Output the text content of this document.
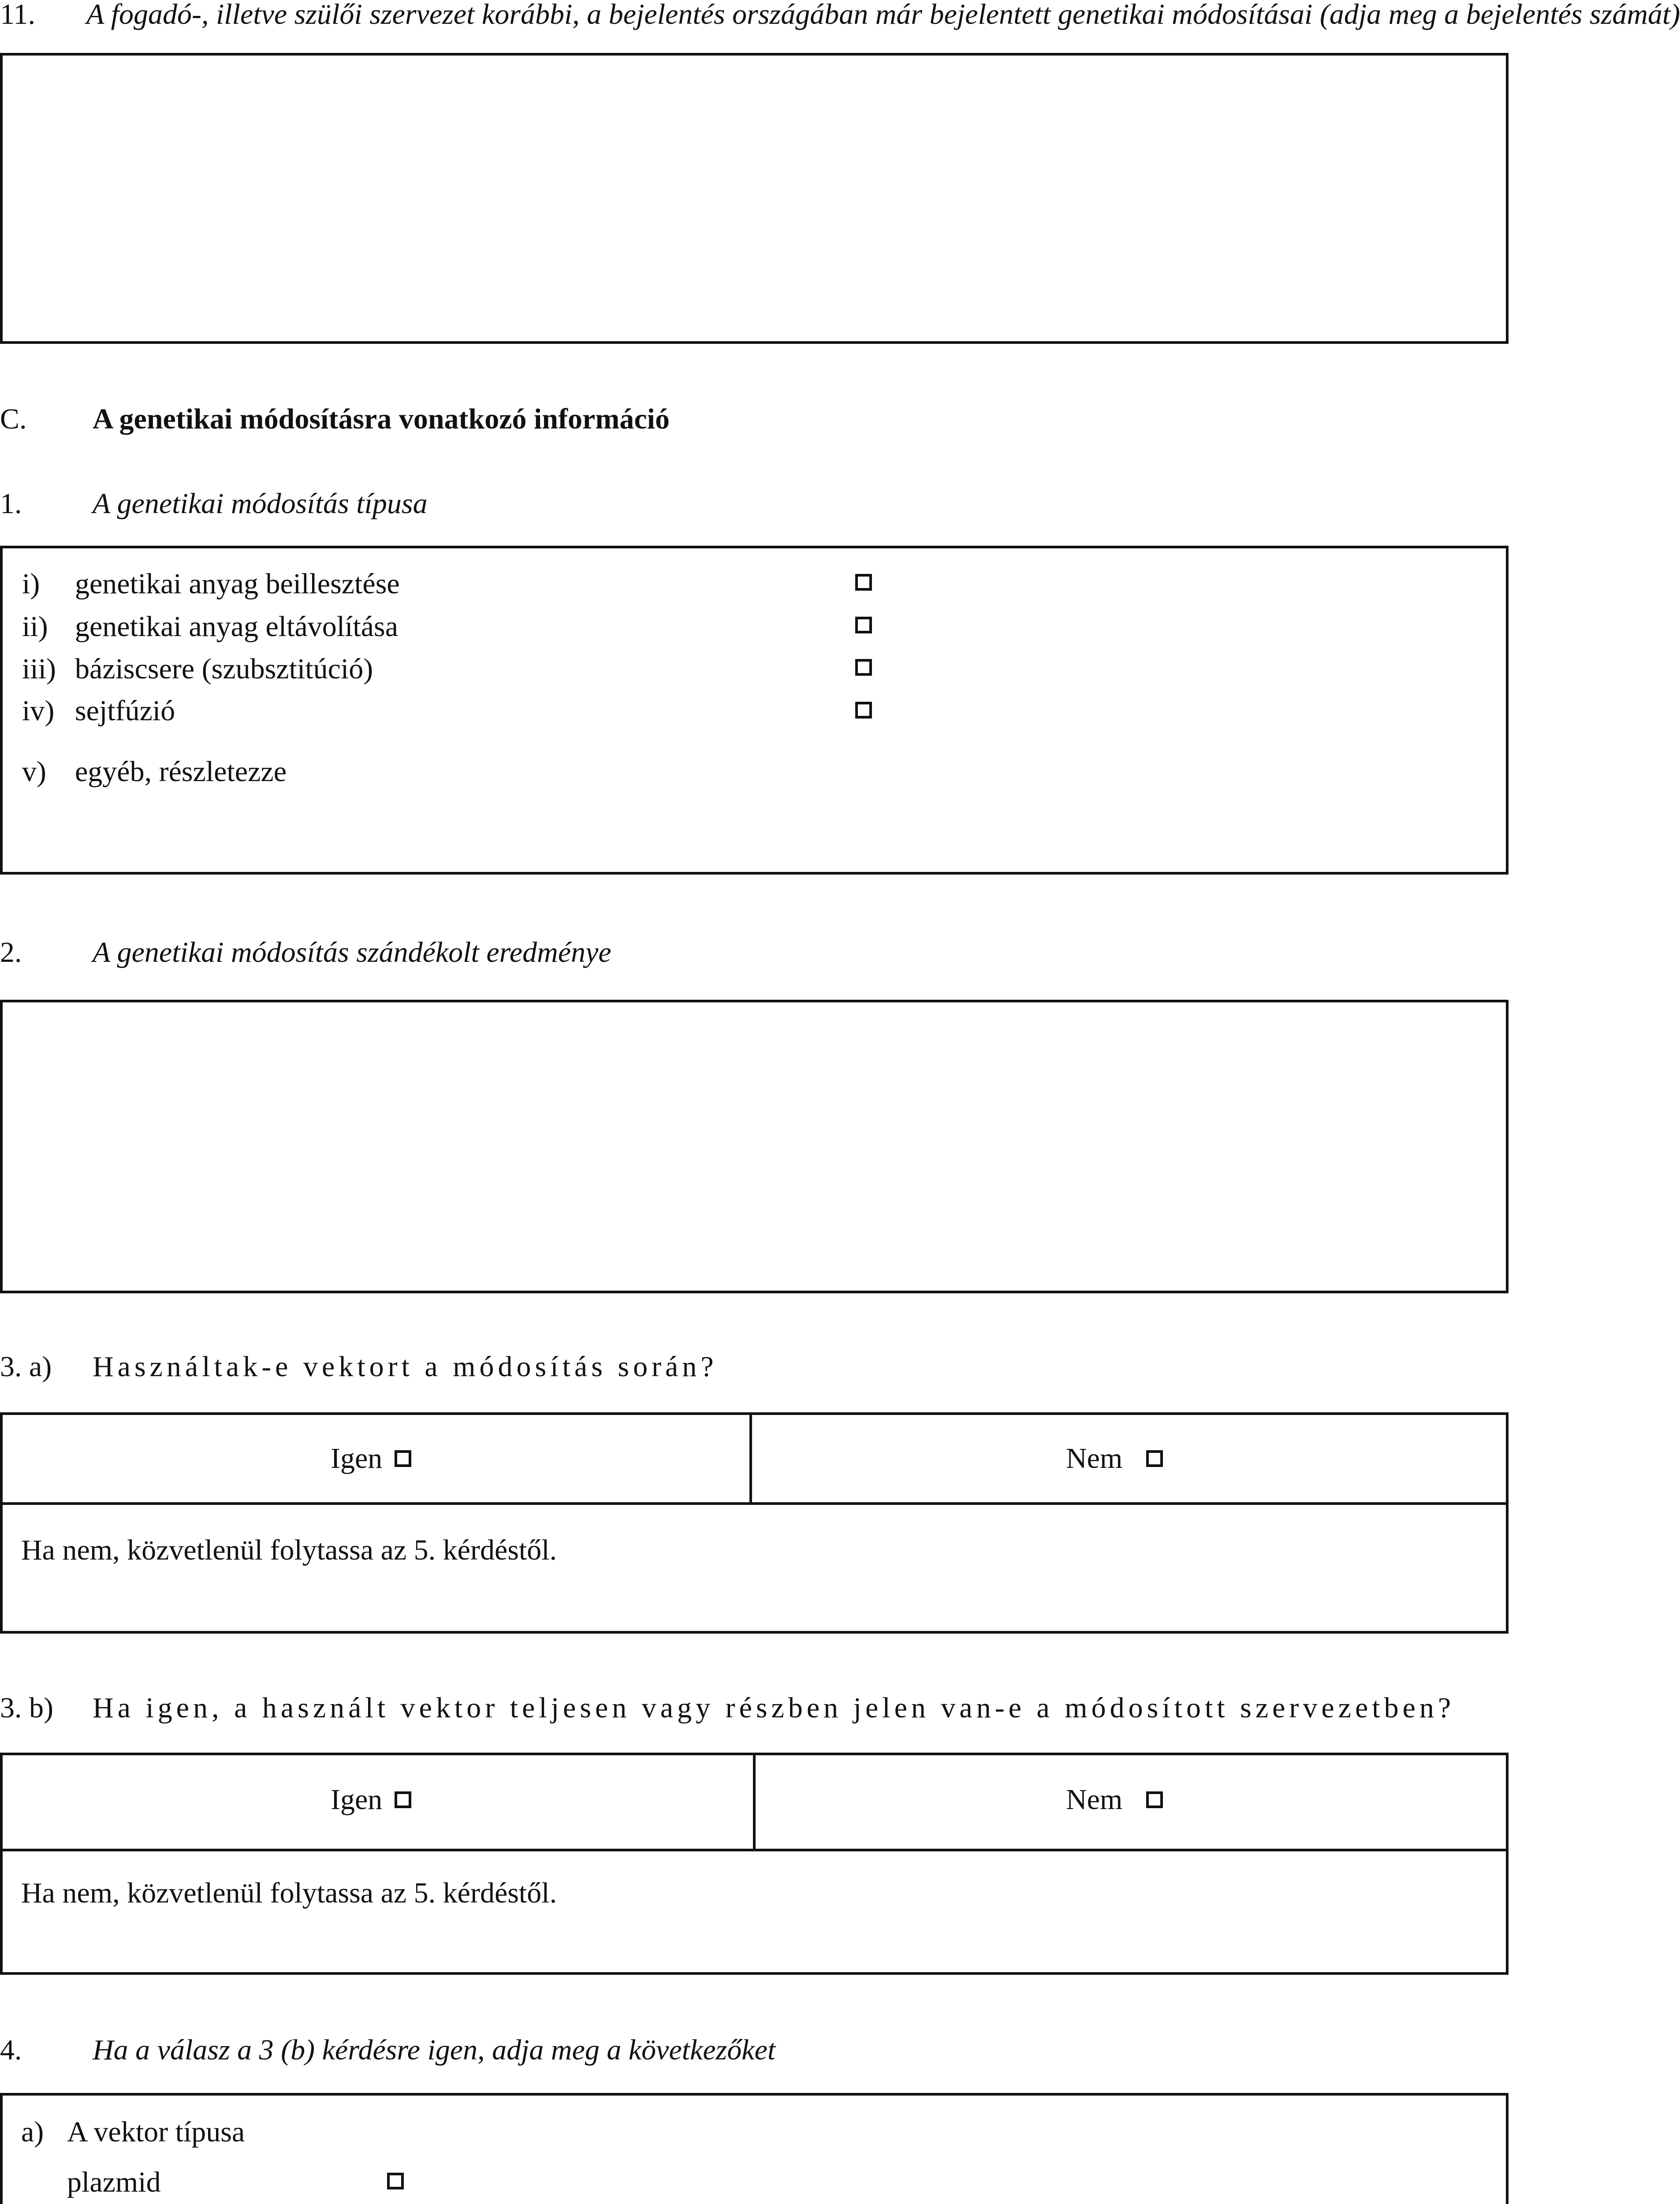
11. A fogadó-, illetve szülői szervezet korábbi, a bejelentés országában már bejelentett genetikai módosításai (adja meg a bejelentés számát)
C. A genetikai módosításra vonatkozó információ
1. A genetikai módosítás típusa
i) genetikai anyag beillesztése
ii) genetikai anyag eltávolítása
iii) báziscsere (szubsztitúció)
iv) sejtfúzió
v) egyéb, részletezze
2. A genetikai módosítás szándékolt eredménye
3. a) Használtak-e vektort a módosítás során?
Igen	Nem
Ha nem, közvetlenül folytassa az 5. kérdéstől.
3. b) Ha igen, a használt vektor teljesen vagy részben jelen van-e a módosított szervezetben?
Igen	Nem
Ha nem, közvetlenül folytassa az 5. kérdéstől.
4. Ha a válasz a 3 (b) kérdésre igen, adja meg a következőket
a) A vektor típusa
plazmid
